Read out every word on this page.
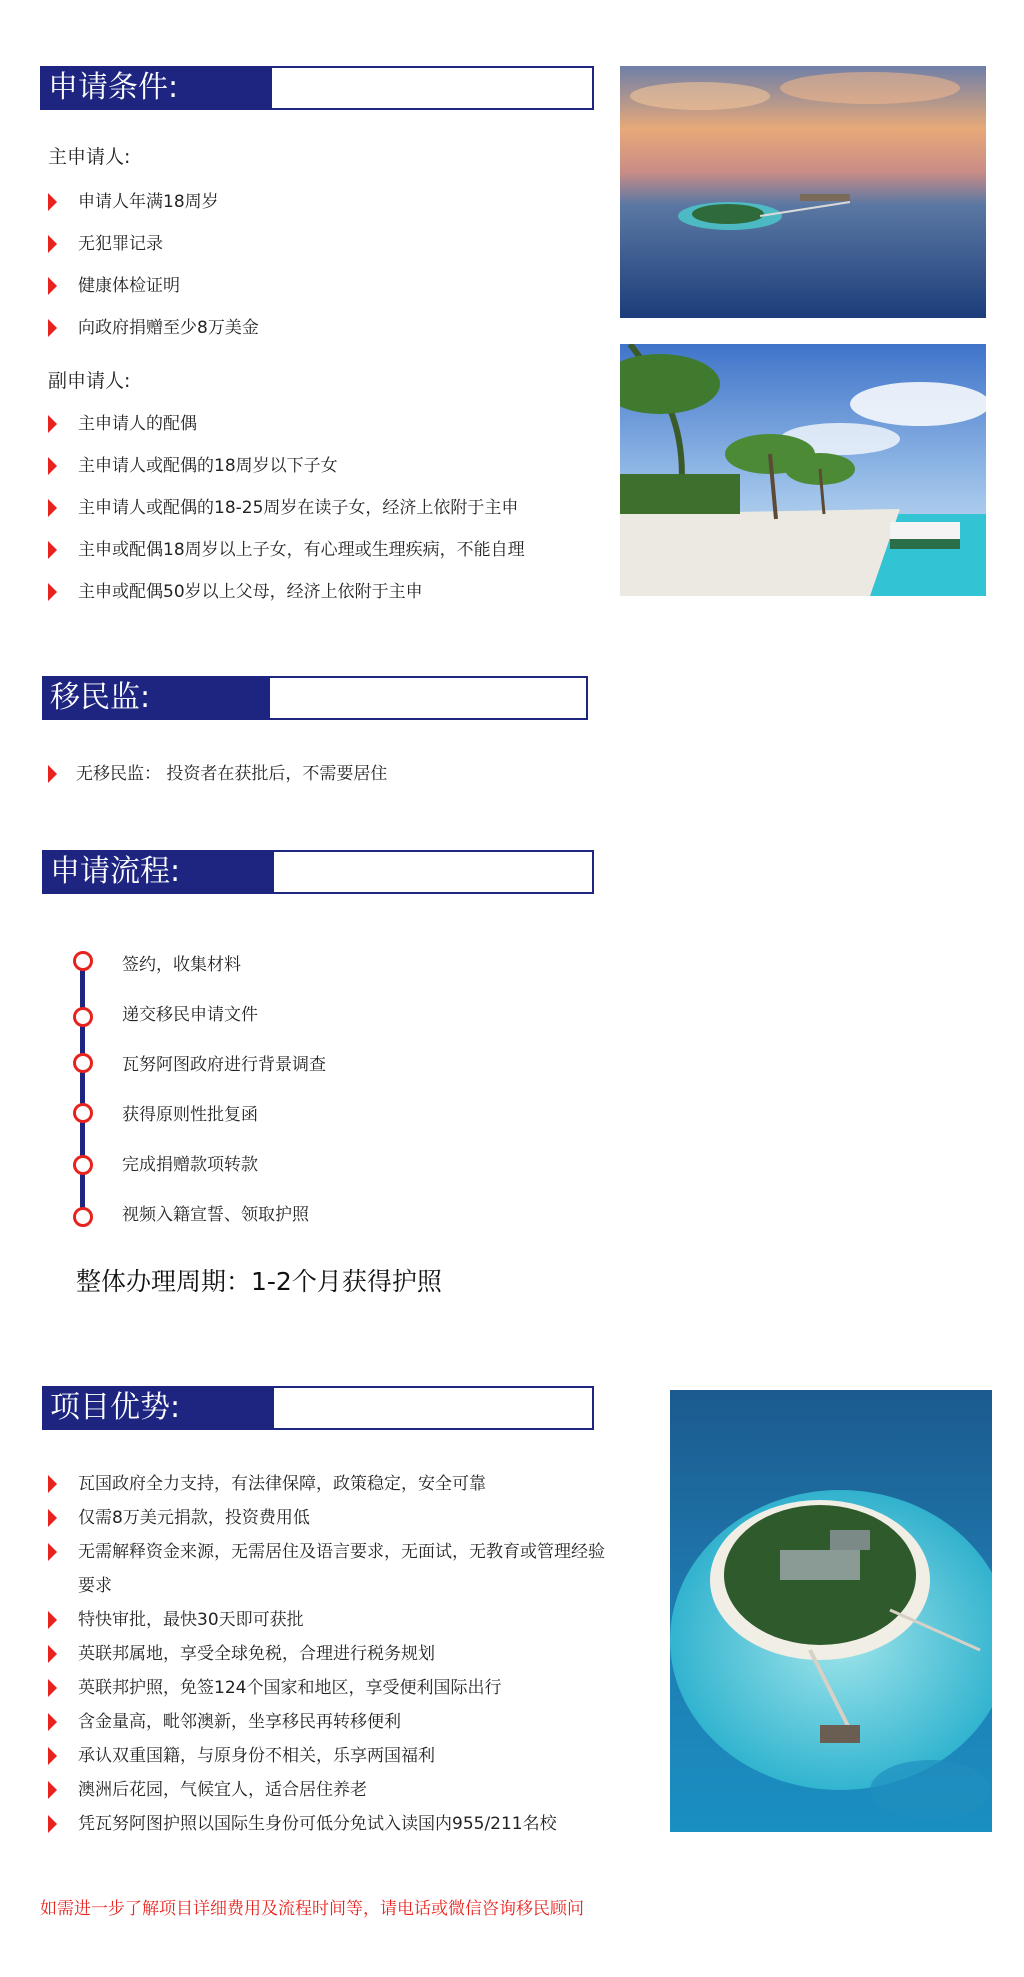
申请条件:
主申请人:
申请人年满18周岁
无犯罪记录
健康体检证明
向政府捐赠至少8万美金
副申请人:
主申请人的配偶
主申请人或配偶的18周岁以下子女
主申请人或配偶的18-25周岁在读子女，经济上依附于主申
主申或配偶18周岁以上子女，有心理或生理疾病，不能自理
主申或配偶50岁以上父母，经济上依附于主申
移民监:
无移民监： 投资者在获批后，不需要居住
申请流程:
签约，收集材料
递交移民申请文件
瓦努阿图政府进行背景调查
获得原则性批复函
完成捐赠款项转款
视频入籍宣誓、领取护照
整体办理周期：1-2个月获得护照
项目优势:
瓦国政府全力支持，有法律保障，政策稳定，安全可靠
仅需8万美元捐款，投资费用低
无需解释资金来源，无需居住及语言要求，无面试，无教育或管理经验
要求
特快审批，最快30天即可获批
英联邦属地，享受全球免税，合理进行税务规划
英联邦护照，免签124个国家和地区，享受便利国际出行
含金量高，毗邻澳新，坐享移民再转移便利
承认双重国籍，与原身份不相关，乐享两国福利
澳洲后花园，气候宜人，适合居住养老
凭瓦努阿图护照以国际生身份可低分免试入读国内955/211名校
如需进一步了解项目详细费用及流程时间等，请电话或微信咨询移民顾问
